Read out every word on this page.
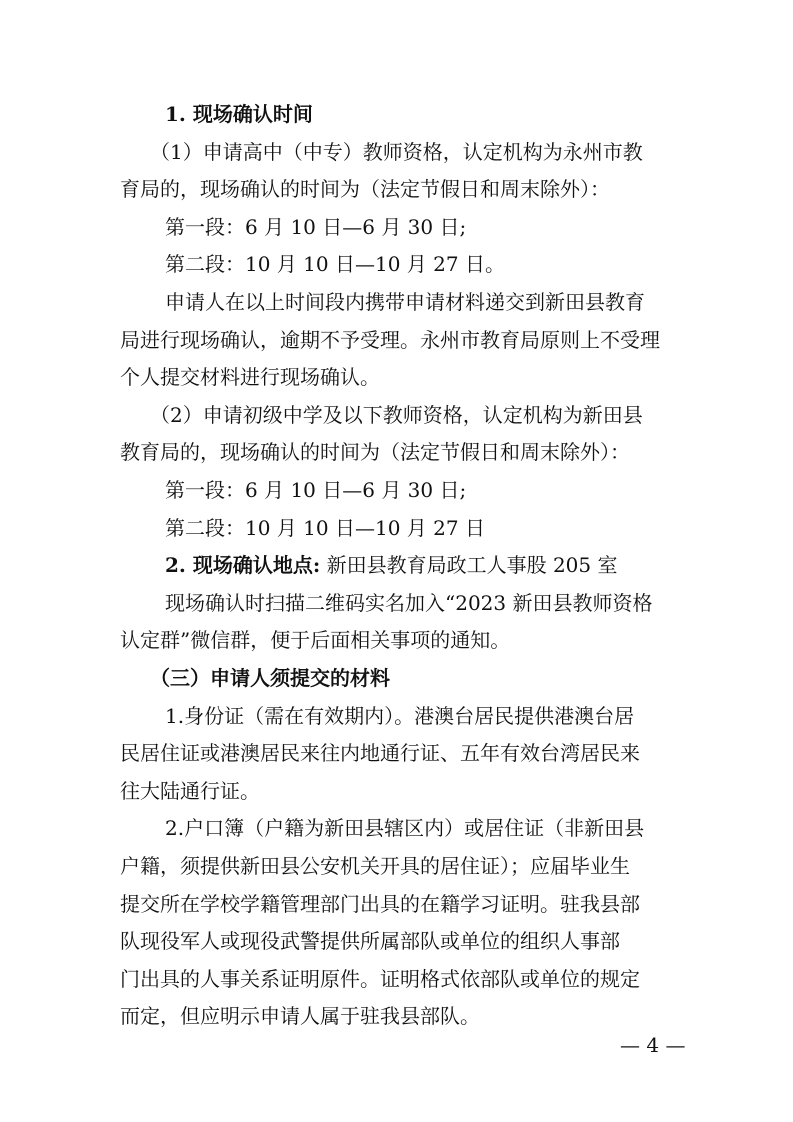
1. 现场确认时间
（1）申请高中（中专）教师资格，认定机构为永州市教
育局的，现场确认的时间为（法定节假日和周末除外）：
第一段：6 月 10 日—6 月 30 日;
第二段：10 月 10 日—10 月 27 日。
申请人在以上时间段内携带申请材料递交到新田县教育
局进行现场确认，逾期不予受理。永州市教育局原则上不受理
个人提交材料进行现场确认。
（2）申请初级中学及以下教师资格，认定机构为新田县
教育局的，现场确认的时间为（法定节假日和周末除外）：
第一段：6 月 10 日—6 月 30 日;
第二段：10 月 10 日—10 月 27 日
2. 现场确认地点: 新田县教育局政工人事股 205 室
现场确认时扫描二维码实名加入“2023 新田县教师资格
认定群”微信群，便于后面相关事项的通知。
（三）申请人须提交的材料
1.身份证（需在有效期内）。港澳台居民提供港澳台居
民居住证或港澳居民来往内地通行证、五年有效台湾居民来
往大陆通行证。
2.户口簿（户籍为新田县辖区内）或居住证（非新田县
户籍，须提供新田县公安机关开具的居住证）；应届毕业生
提交所在学校学籍管理部门出具的在籍学习证明。驻我县部
队现役军人或现役武警提供所属部队或单位的组织人事部
门出具的人事关系证明原件。证明格式依部队或单位的规定
而定，但应明示申请人属于驻我县部队。
— 4 —
